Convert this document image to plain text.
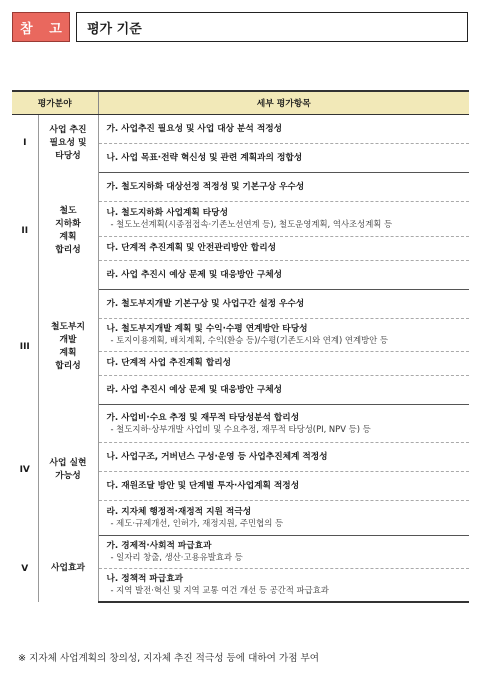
참 고	평가 기준
평가분야		세부 평가항목
I	사업 추진
필요성 및
타당성	가. 사업추진 필요성 및 사업 대상 분석 적정성

		나. 사업 목표·전략 혁신성 및 관련 계획과의 정합성

II	철도
지하화
계획
합리성	가. 철도지하화 대상선정 적정성 및 기본구상 우수성

		나. 철도지하화 사업계획 타당성
- 철도노선계획(시종점접속·기존노선연계 등), 철도운영계획, 역사조성계획 등

		다. 단계적 추진계획 및 안전관리방안 합리성

		라. 사업 추진시 예상 문제 및 대응방안 구체성

III	철도부지
개발
계획
합리성	가. 철도부지개발 기본구상 및 사업구간 설정 우수성

		나. 철도부지개발 계획 및 수익·수평 연계방안 타당성
- 토지이용계획, 배치계획, 수익(환승 등)/수평(기존도시와 연계) 연계방안 등

		다. 단계적 사업 추진계획 합리성

		라. 사업 추진시 예상 문제 및 대응방안 구체성

IV	사업 실현
가능성	가. 사업비·수요 추정 및 재무적 타당성분석 합리성
- 철도지하·상부개발 사업비 및 수요추정, 재무적 타당성(PI, NPV 등) 등

		나. 사업구조, 거버넌스 구성·운영 등 사업추진체계 적정성

		다. 재원조달 방안 및 단계별 투자·사업계획 적정성

		라. 지자체 행정적·재정적 지원 적극성
- 제도·규제개선, 인허가, 재정지원, 주민협의 등

V	사업효과	가. 경제적·사회적 파급효과
- 일자리 창출, 생산·고용유발효과 등

		나. 정책적 파급효과
- 지역 발전·혁신 및 지역 교통 여건 개선 등 공간적 파급효과
※ 지자체 사업계획의 창의성, 지자체 추진 적극성 등에 대하여 가점 부여
